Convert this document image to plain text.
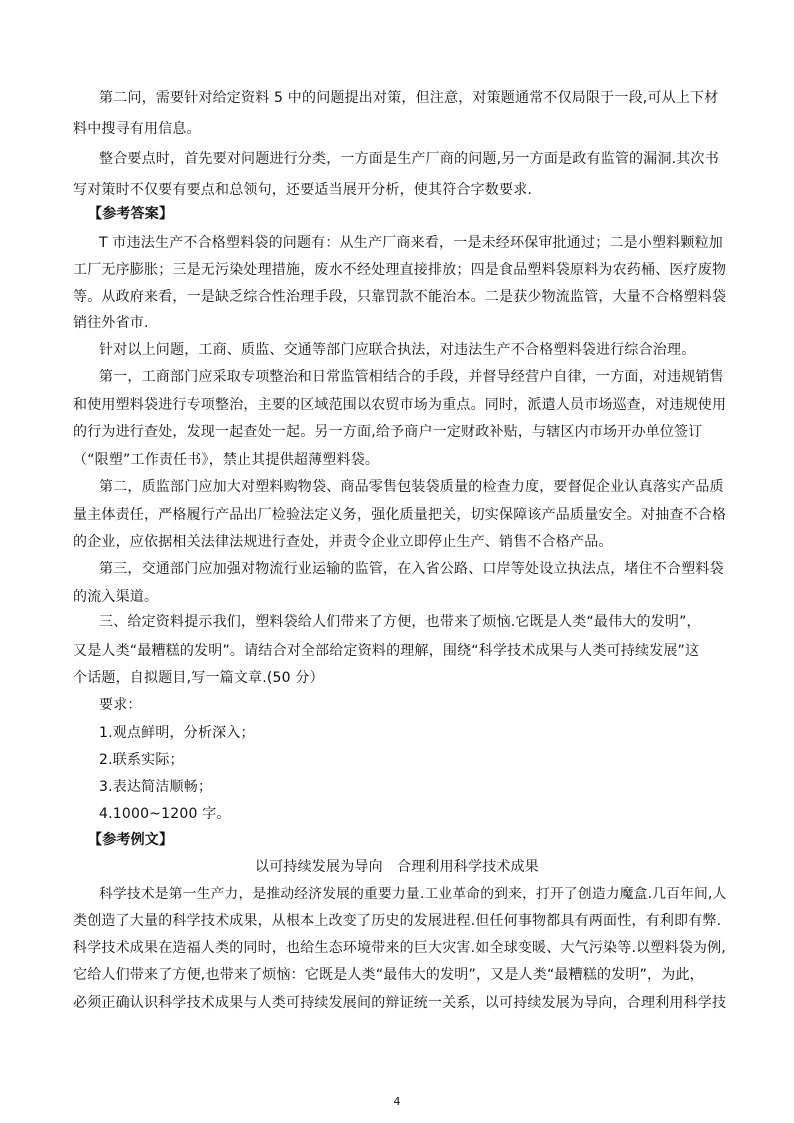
第二问，需要针对给定资料 5 中的问题提出对策，但注意，对策题通常不仅局限于一段,可从上下材

料中搜寻有用信息。

整合要点时，首先要对问题进行分类，一方面是生产厂商的问题,另一方面是政有监管的漏洞.其次书

写对策时不仅要有要点和总领句，还要适当展开分析，使其符合字数要求.

【参考答案】

T 市违法生产不合格塑料袋的问题有：从生产厂商来看，一是未经环保审批通过；二是小塑料颗粒加

工厂无序膨胀；三是无污染处理措施，废水不经处理直接排放；四是食品塑料袋原料为农药桶、医疗废物

等。从政府来看，一是缺乏综合性治理手段，只靠罚款不能治本。二是获少物流监管，大量不合格塑料袋

销往外省市.

针对以上问题，工商、质监、交通等部门应联合执法，对违法生产不合格塑料袋进行综合治理。

第一，工商部门应采取专项整治和日常监管相结合的手段，并督导经营户自律，一方面，对违规销售

和使用塑料袋进行专项整治，主要的区域范围以农贸市场为重点。同时，派遣人员市场巡查，对违规使用

的行为进行查处，发现一起查处一起。另一方面,给予商户一定财政补贴，与辖区内市场开办单位签订

（“限塑”工作责任书》，禁止其提供超薄塑料袋。

第二，质监部门应加大对塑料购物袋、商品零售包装袋质量的检查力度，要督促企业认真落实产品质

量主体责任，严格履行产品出厂检验法定义务，强化质量把关，切实保障该产品质量安全。对抽查不合格

的企业，应依据相关法律法规进行查处，并责令企业立即停止生产、销售不合格产品。

第三，交通部门应加强对物流行业运输的监管，在入省公路、口岸等处设立执法点，堵住不合塑料袋

的流入渠道。

三、给定资料提示我们，塑料袋给人们带来了方便，也带来了烦恼.它既是人类“最伟大的发明”，

又是人类“最糟糕的发明”。请结合对全部给定资料的理解，围绕“科学技术成果与人类可持续发展”这

个话题，自拟题目,写一篇文章.(50 分）

要求：

1.观点鲜明，分析深入；

2.联系实际；

3.表达简洁顺畅；

4.1000~1200 字。

【参考例文】

以可持续发展为导向　合理利用科学技术成果

科学技术是第一生产力，是推动经济发展的重要力量.工业革命的到来，打开了创造力魔盒.几百年间,人

类创造了大量的科学技术成果，从根本上改变了历史的发展进程.但任何事物都具有两面性，有利即有弊.

科学技术成果在造福人类的同时，也给生态环境带来的巨大灾害.如全球变暖、大气污染等.以塑料袋为例,

它给人们带来了方便,也带来了烦恼：它既是人类“最伟大的发明”，又是人类“最糟糕的发明”，为此，

必须正确认识科学技术成果与人类可持续发展间的辩证统一关系，以可持续发展为导向，合理利用科学技

4
